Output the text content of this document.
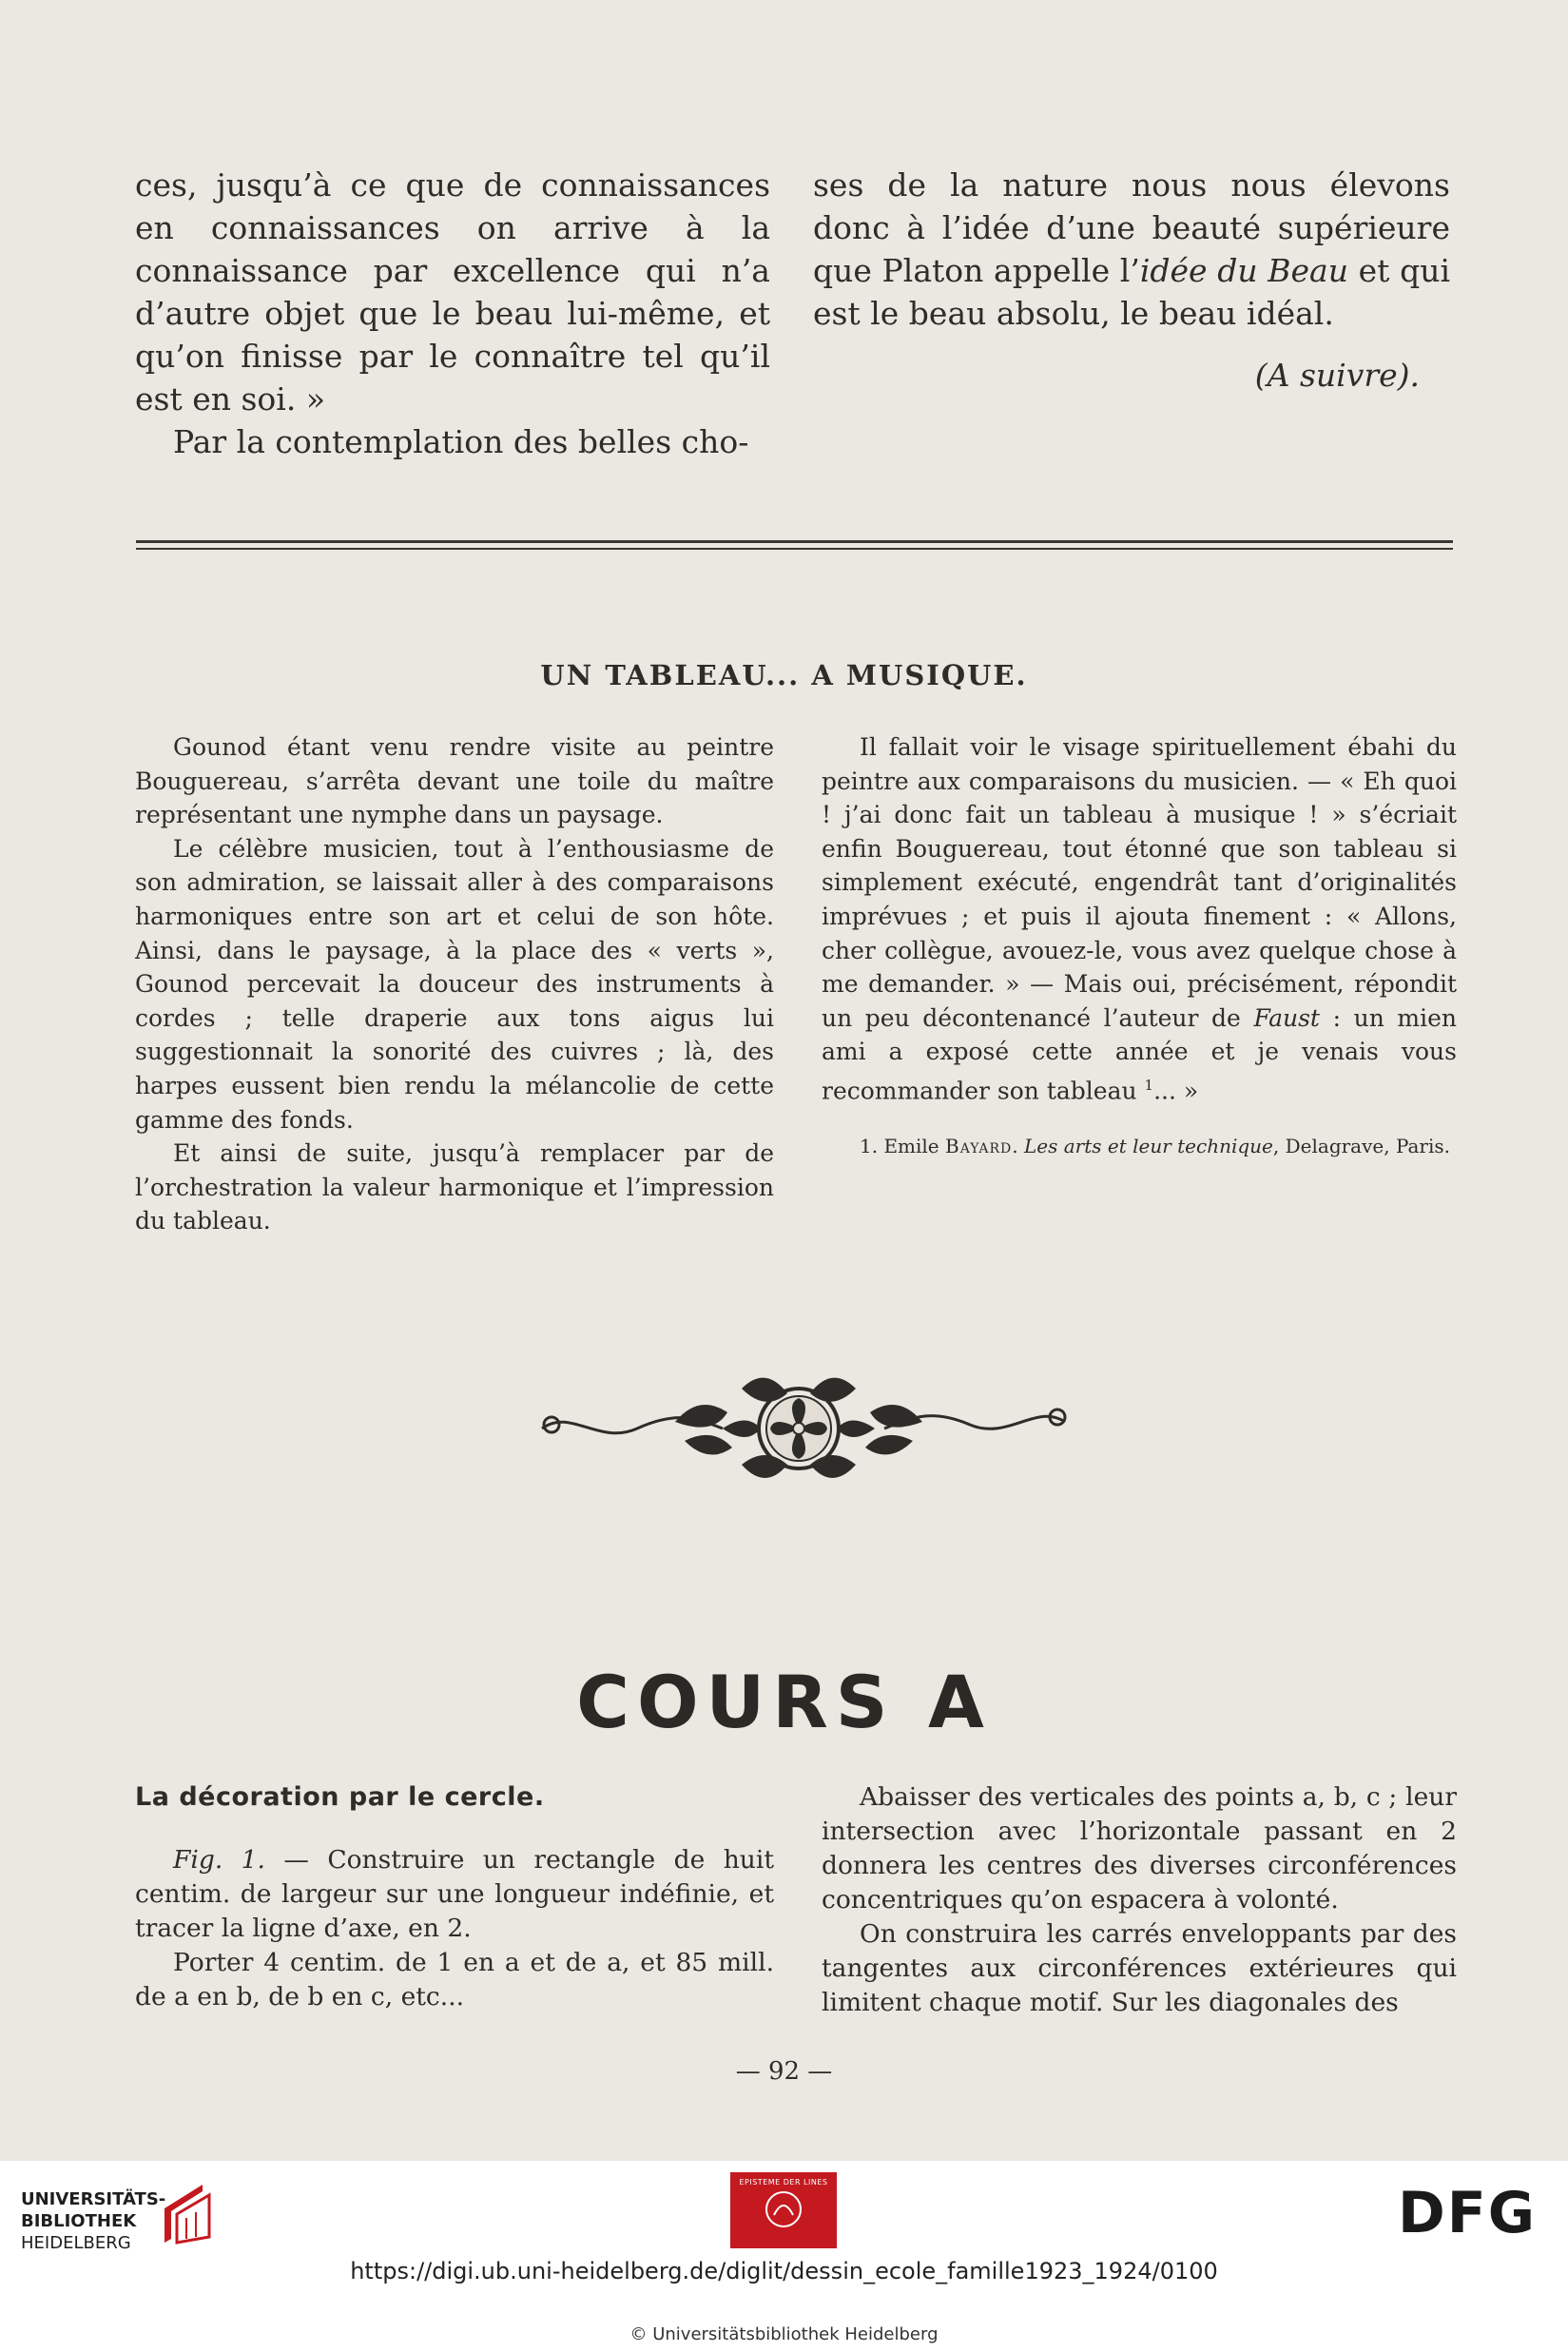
ces, jusqu’à ce que de connaissances en connaissances on arrive à la connaissance par excellence qui n’a d’autre objet que le beau lui-même, et qu’on finisse par le connaître tel qu’il est en soi. »

Par la contemplation des belles cho-

ses de la nature nous nous élevons donc à l’idée d’une beauté supérieure que Platon appelle l’idée du Beau et qui est le beau absolu, le beau idéal.

(A suivre).

UN TABLEAU... A MUSIQUE.

Gounod étant venu rendre visite au peintre Bouguereau, s’arrêta devant une toile du maître représentant une nymphe dans un paysage.

Le célèbre musicien, tout à l’enthousiasme de son admiration, se laissait aller à des comparaisons harmoniques entre son art et celui de son hôte. Ainsi, dans le paysage, à la place des « verts », Gounod percevait la douceur des instruments à cordes ; telle draperie aux tons aigus lui suggestionnait la sonorité des cuivres ; là, des harpes eussent bien rendu la mélancolie de cette gamme des fonds.

Et ainsi de suite, jusqu’à remplacer par de l’orchestration la valeur harmonique et l’impression du tableau.

Il fallait voir le visage spirituellement ébahi du peintre aux comparaisons du musicien. — « Eh quoi ! j’ai donc fait un tableau à musique ! » s’écriait enfin Bouguereau, tout étonné que son tableau si simplement exécuté, engendrât tant d’originalités imprévues ; et puis il ajouta finement : « Allons, cher collègue, avouez-le, vous avez quelque chose à me demander. » — Mais oui, précisément, répondit un peu décontenancé l’auteur de Faust : un mien ami a exposé cette année et je venais vous recommander son tableau $^1$... »

1. Emile Bayard. Les arts et leur technique, Delagrave, Paris.

COURS A

La décoration par le cercle.

Fig. 1. — Construire un rectangle de huit centim. de largeur sur une longueur indéfinie, et tracer la ligne d’axe, en 2.

Porter 4 centim. de 1 en a et de a, et 85 mill. de a en b, de b en c, etc...

Abaisser des verticales des points a, b, c ; leur intersection avec l’horizontale passant en 2 donnera les centres des diverses circonférences concentriques qu’on espacera à volonté.

On construira les carrés enveloppants par des tangentes aux circonférences extérieures qui limitent chaque motif. Sur les diagonales des

— 92 —
UNIVERSITÄTS-
BIBLIOTHEK
HEIDELBERG
EPISTEME DER LINES	DFG
https://digi.ub.uni-heidelberg.de/diglit/dessin_ecole_famille1923_1924/0100
© Universitätsbibliothek Heidelberg
